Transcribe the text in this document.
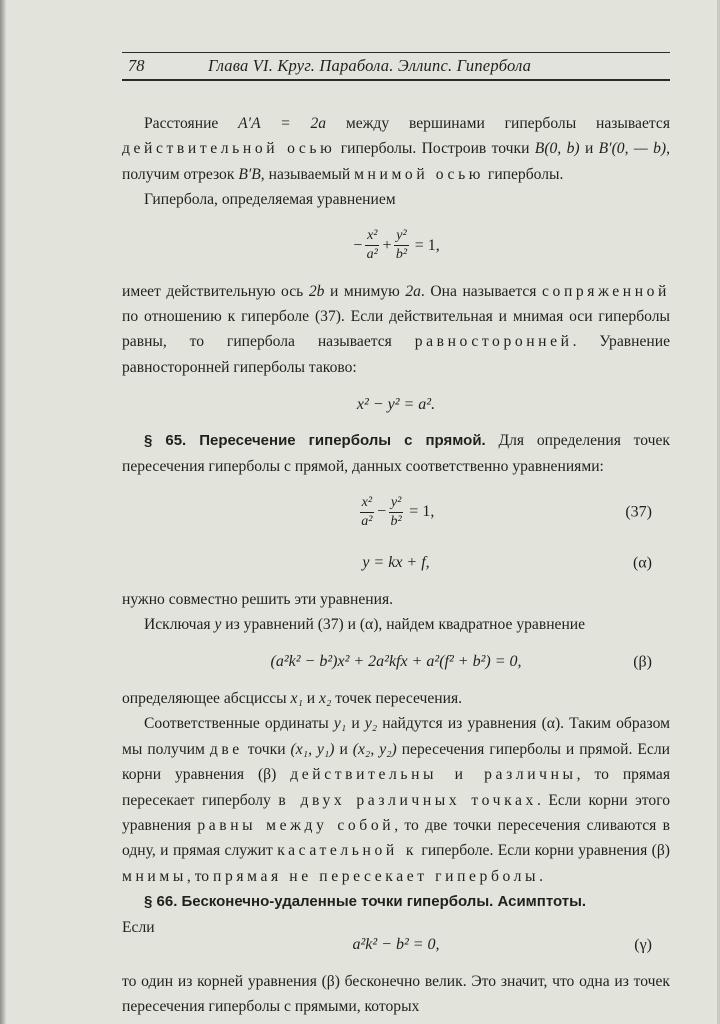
78	Глава VI. Круг. Парабола. Эллипс. Гипербола

Расстояние A′A = 2a между вершинами гиперболы называется действительной осью гиперболы. Построив точки B(0, b) и B′(0, — b), получим отрезок B′B, называемый мнимой осью гиперболы.

Гипербола, определяемая уравнением

− $\frac{\text{x²}}{\text{a²}} + \frac{\text{y²}}{\text{b²}} = 1$,

имеет действительную ось 2b и мнимую 2a. Она называется сопряженной по отношению к гиперболе (37). Если действительная и мнимая оси гиперболы равны, то гипербола называется равносторонней. Уравнение равносторонней гиперболы таково:

x² − y² = a².

§ 65. Пересечение гиперболы с прямой. Для определения точек пересечения гиперболы с прямой, данных соответственно уравнениями:

$\frac{\text{x²}}{\text{a²}} - \frac{\text{y²}}{\text{b²}} = 1$,	(37)
y = kx + f,	(α)

нужно совместно решить эти уравнения.

Исключая y из уравнений (37) и (α), найдем квадратное уравнение

(a²k² − b²)x² + 2a²kfx + a²(f² + b²) = 0,	(β)

определяющее абсциссы x₁ и x₂ точек пересечения.

Соответственные ординаты y₁ и y₂ найдутся из уравнения (α). Таким образом мы получим две точки (x₁, y₁) и (x₂, y₂) пересечения гиперболы и прямой. Если корни уравнения (β) действительны и различны, то прямая пересекает гиперболу в двух различных точках. Если корни этого уравнения равны между собой, то две точки пересечения сливаются в одну, и прямая служит касательной к гиперболе. Если корни уравнения (β) мнимы, то прямая не пересекает гиперболы.

§ 66. Бесконечно-удаленные точки гиперболы. Асимптоты.

Если

a²k² − b² = 0,	(γ)

то один из корней уравнения (β) бесконечно велик. Это значит, что одна из точек пересечения гиперболы с прямыми, которых
